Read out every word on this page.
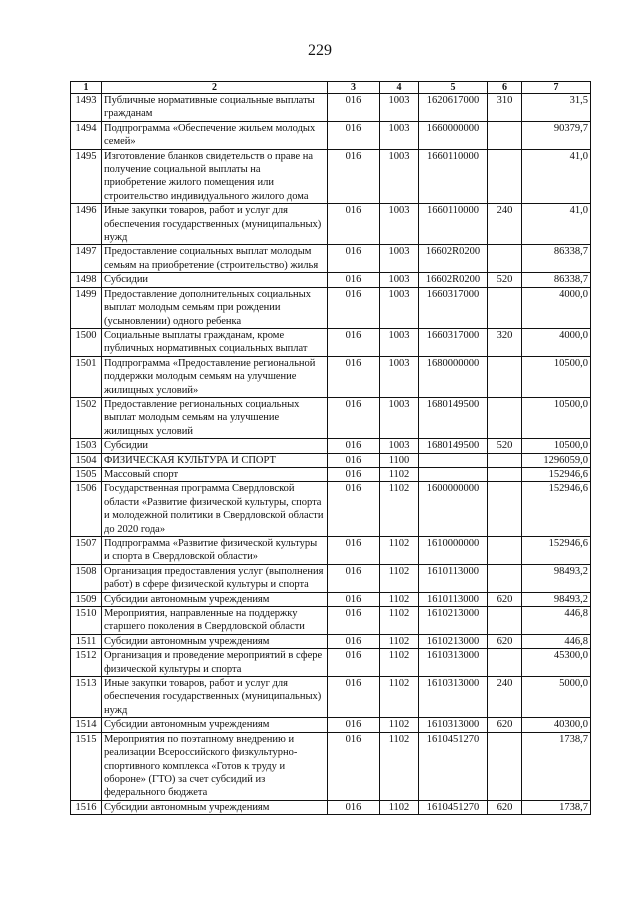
229
1	2	3	4	5	6	7
1493	Публичные нормативные социальные выплаты гражданам	016	1003	1620617000	310	31,5
1494	Подпрограмма «Обеспечение жильем молодых семей»	016	1003	1660000000		90379,7
1495	Изготовление бланков свидетельств о праве на получение социальной выплаты на приобретение жилого помещения или строительство индивидуального жилого дома	016	1003	1660110000		41,0
1496	Иные закупки товаров, работ и услуг для обеспечения государственных (муниципальных) нужд	016	1003	1660110000	240	41,0
1497	Предоставление социальных выплат молодым семьям на приобретение (строительство) жилья	016	1003	16602R0200		86338,7
1498	Субсидии	016	1003	16602R0200	520	86338,7
1499	Предоставление дополнительных социальных выплат молодым семьям при рождении (усыновлении) одного ребенка	016	1003	1660317000		4000,0
1500	Социальные выплаты гражданам, кроме публичных нормативных социальных выплат	016	1003	1660317000	320	4000,0
1501	Подпрограмма «Предоставление региональной поддержки молодым семьям на улучшение жилищных условий»	016	1003	1680000000		10500,0
1502	Предоставление региональных социальных выплат молодым семьям на улучшение жилищных условий	016	1003	1680149500		10500,0
1503	Субсидии	016	1003	1680149500	520	10500,0
1504	ФИЗИЧЕСКАЯ КУЛЬТУРА И СПОРТ	016	1100			1296059,0
1505	Массовый спорт	016	1102			152946,6
1506	Государственная программа Свердловской области «Развитие физической культуры, спорта и молодежной политики в Свердловской области до 2020 года»	016	1102	1600000000		152946,6
1507	Подпрограмма «Развитие физической культуры и спорта в Свердловской области»	016	1102	1610000000		152946,6
1508	Организация предоставления услуг (выполнения работ) в сфере физической культуры и спорта	016	1102	1610113000		98493,2
1509	Субсидии автономным учреждениям	016	1102	1610113000	620	98493,2
1510	Мероприятия, направленные на поддержку старшего поколения в Свердловской области	016	1102	1610213000		446,8
1511	Субсидии автономным учреждениям	016	1102	1610213000	620	446,8
1512	Организация и проведение мероприятий в сфере физической культуры и спорта	016	1102	1610313000		45300,0
1513	Иные закупки товаров, работ и услуг для обеспечения государственных (муниципальных) нужд	016	1102	1610313000	240	5000,0
1514	Субсидии автономным учреждениям	016	1102	1610313000	620	40300,0
1515	Мероприятия по поэтапному внедрению и реализации Всероссийского физкультурно-спортивного комплекса «Готов к труду и обороне» (ГТО) за счет субсидий из федерального бюджета	016	1102	1610451270		1738,7
1516	Субсидии автономным учреждениям	016	1102	1610451270	620	1738,7
